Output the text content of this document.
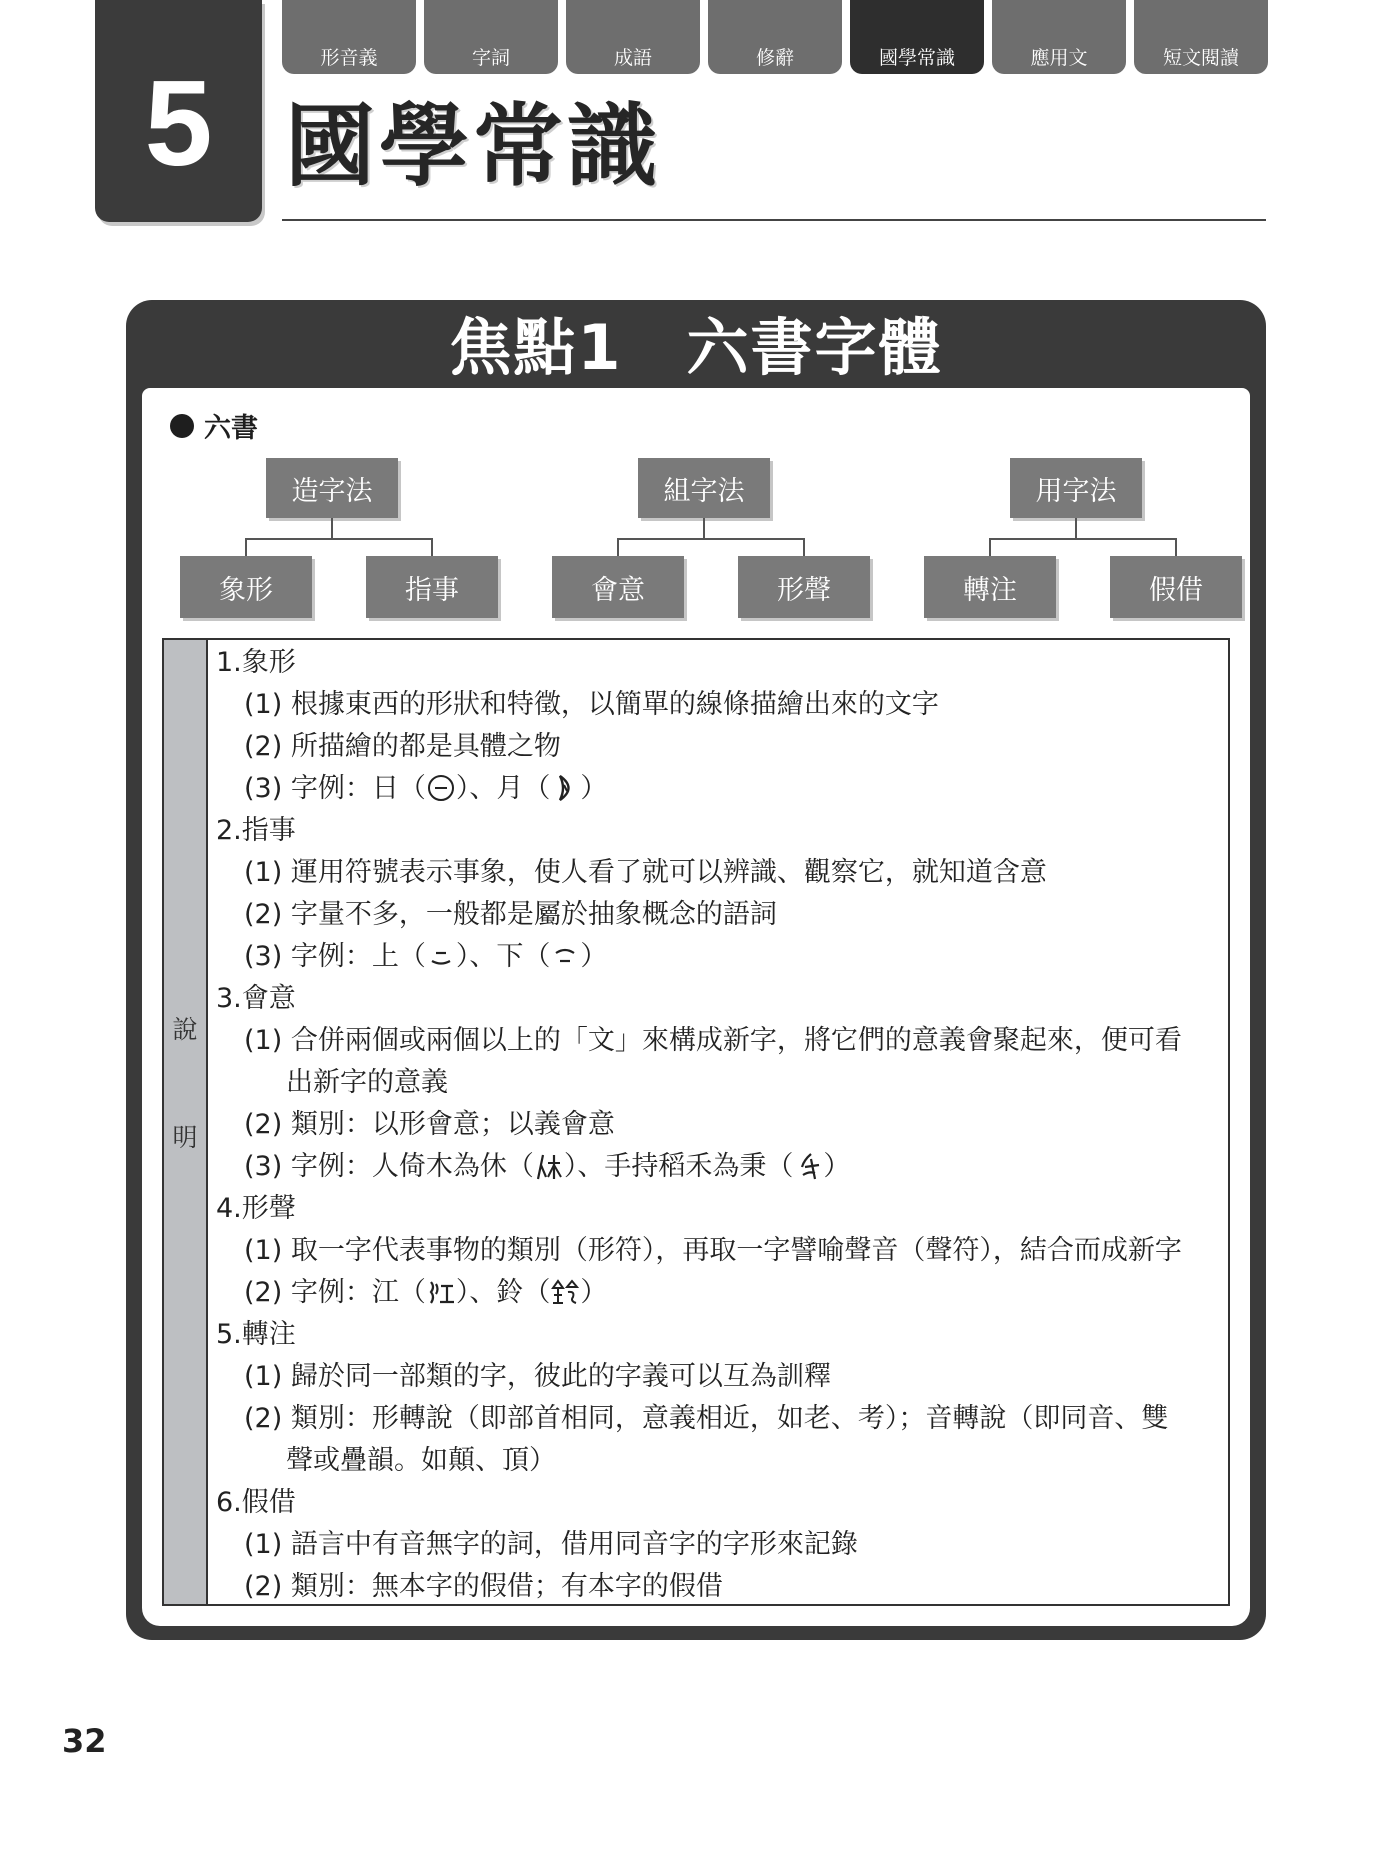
5	形音義	字詞	成語	修辭	國學常識	應用文	短文閱讀
國學常識
焦點1　六書字體
六書
造字法
象形	指事
組字法
會意	形聲
用字法
轉注	假借
說
明
1.象形
(1) 根據東西的形狀和特徵，以簡單的線條描繪出來的文字
(2) 所描繪的都是具體之物
(3) 字例：日（ ）、月（ ）
2.指事
(1) 運用符號表示事象，使人看了就可以辨識、觀察它，就知道含意
(2) 字量不多，一般都是屬於抽象概念的語詞
(3) 字例：上（ ）、下（ ）
3.會意
(1) 合併兩個或兩個以上的「文」來構成新字，將它們的意義會聚起來，便可看
出新字的意義
(2) 類別：以形會意；以義會意
(3) 字例：人倚木為休（ ）、手持稻禾為秉（ ）
4.形聲
(1) 取一字代表事物的類別（形符），再取一字譬喻聲音（聲符），結合而成新字
(2) 字例：江（ ）、鈴（ ）
5.轉注
(1) 歸於同一部類的字，彼此的字義可以互為訓釋
(2) 類別：形轉說（即部首相同，意義相近，如老、考）；音轉說（即同音、雙
聲或疊韻。如顛、頂）
6.假借
(1) 語言中有音無字的詞，借用同音字的字形來記錄
(2) 類別：無本字的假借；有本字的假借
32
